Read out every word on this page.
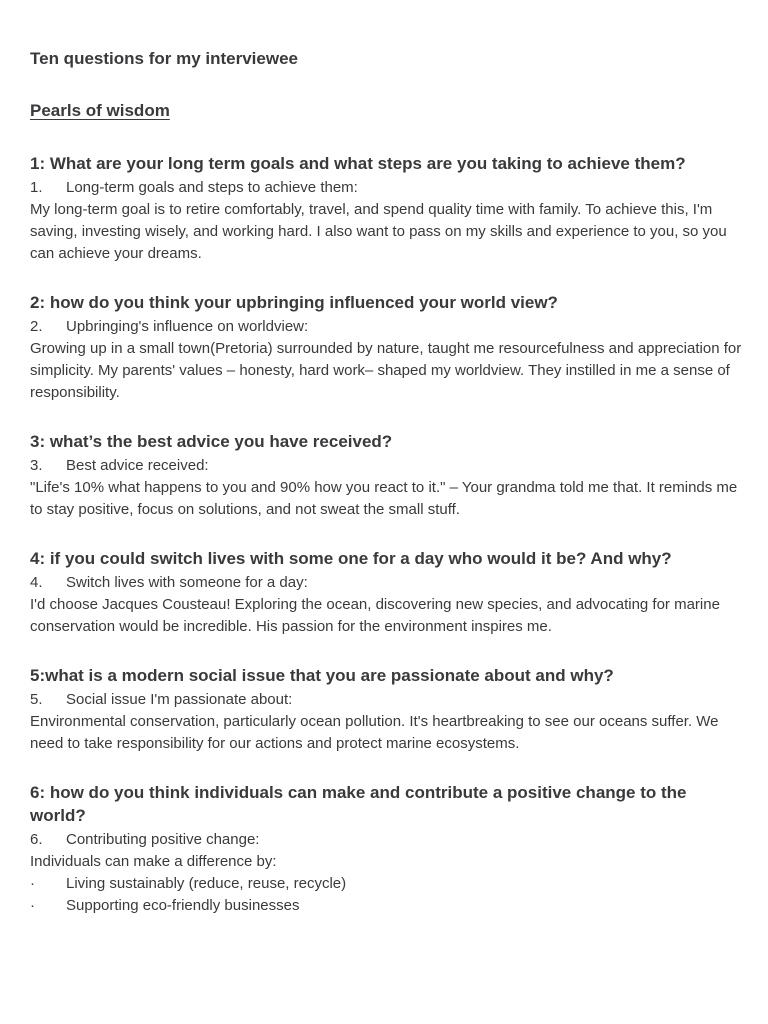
Ten questions for my interviewee

Pearls of wisdom

1: What are your long term goals and what steps are you taking to achieve them?

1.	Long-term goals and steps to achieve them:

My long-term goal is to retire comfortably, travel, and spend quality time with family. To achieve this, I'm saving, investing wisely, and working hard. I also want to pass on my skills and experience to you, so you can achieve your dreams.

2: how do you think your upbringing influenced your world view?

2.	Upbringing's influence on worldview:

Growing up in a small town(Pretoria) surrounded by nature, taught me resourcefulness and appreciation for simplicity. My parents' values – honesty, hard work– shaped my worldview. They instilled in me a sense of responsibility.

3: what’s the best advice you have received?

3.	Best advice received:

"Life's 10% what happens to you and 90% how you react to it." – Your grandma told me that. It reminds me to stay positive, focus on solutions, and not sweat the small stuff.

4: if you could switch lives with some one for a day who would it be? And why?

4.	Switch lives with someone for a day:

I'd choose Jacques Cousteau! Exploring the ocean, discovering new species, and advocating for marine conservation would be incredible. His passion for the environment inspires me.

5:what is a modern social issue that you are passionate about and why?

5.	Social issue I'm passionate about:

Environmental conservation, particularly ocean pollution. It's heartbreaking to see our oceans suffer. We need to take responsibility for our actions and protect marine ecosystems.

6: how do you think individuals can make and contribute a positive change to the world?

6.	Contributing positive change:

Individuals can make a difference by:

·	Living sustainably (reduce, reuse, recycle)

·	Supporting eco-friendly businesses
